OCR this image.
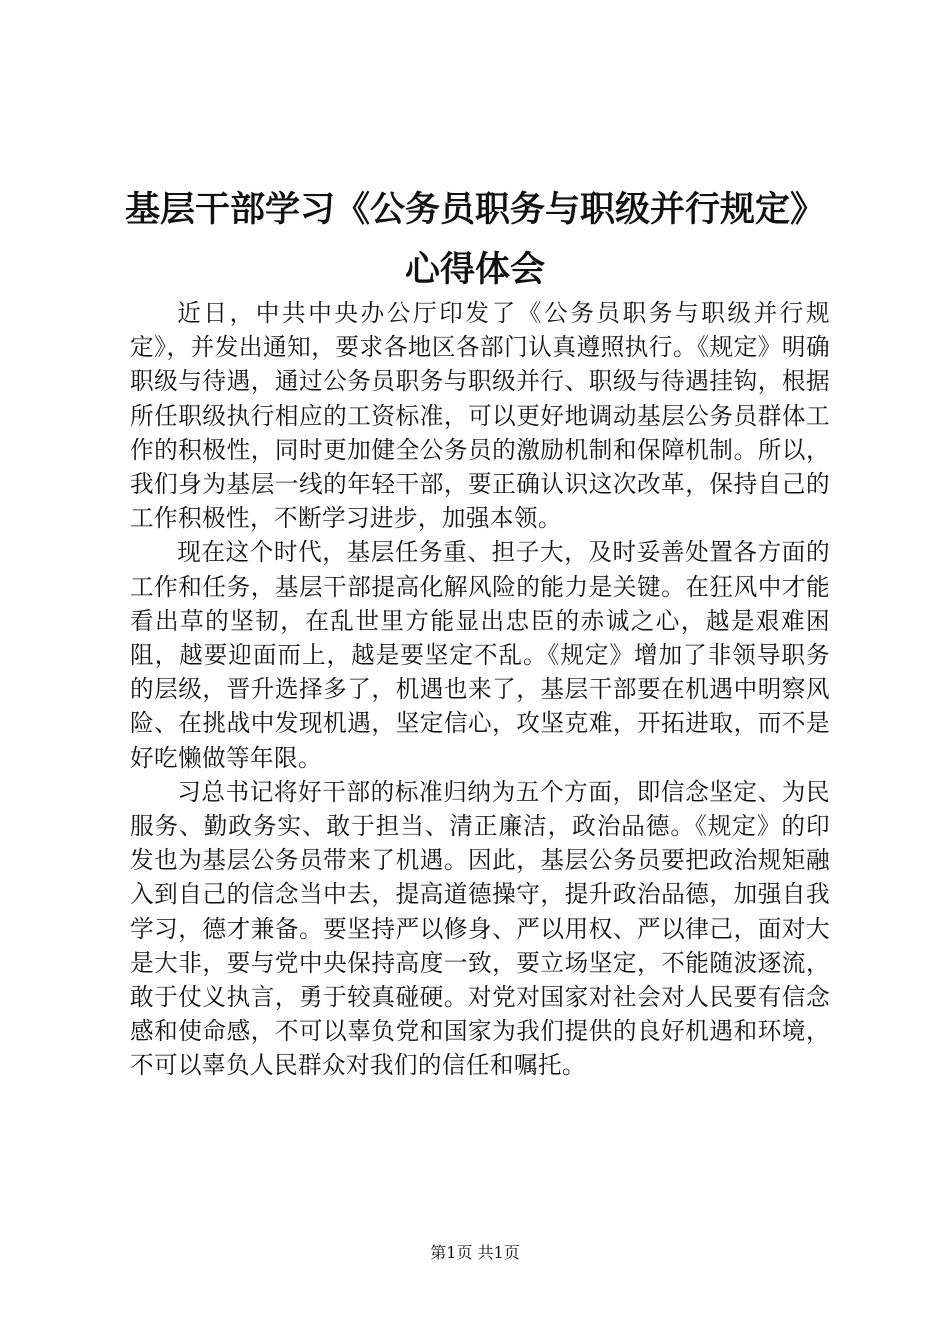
基层干部学习《公务员职务与职级并行规定》
心得体会

近日，中共中央办公厅印发了《公务员职务与职级并行规定》，并发出通知，要求各地区各部门认真遵照执行。《规定》明确职级与待遇，通过公务员职务与职级并行、职级与待遇挂钩，根据所任职级执行相应的工资标准，可以更好地调动基层公务员群体工作的积极性，同时更加健全公务员的激励机制和保障机制。所以，我们身为基层一线的年轻干部，要正确认识这次改革，保持自己的工作积极性，不断学习进步，加强本领。

现在这个时代，基层任务重、担子大，及时妥善处置各方面的工作和任务，基层干部提高化解风险的能力是关键。在狂风中才能看出草的坚韧，在乱世里方能显出忠臣的赤诚之心，越是艰难困阻，越要迎面而上，越是要坚定不乱。《规定》增加了非领导职务的层级，晋升选择多了，机遇也来了，基层干部要在机遇中明察风险、在挑战中发现机遇，坚定信心，攻坚克难，开拓进取，而不是好吃懒做等年限。

习总书记将好干部的标准归纳为五个方面，即信念坚定、为民服务、勤政务实、敢于担当、清正廉洁，政治品德。《规定》的印发也为基层公务员带来了机遇。因此，基层公务员要把政治规矩融入到自己的信念当中去，提高道德操守，提升政治品德，加强自我学习，德才兼备。要坚持严以修身、严以用权、严以律己，面对大是大非，要与党中央保持高度一致，要立场坚定，不能随波逐流，敢于仗义执言，勇于较真碰硬。对党对国家对社会对人民要有信念感和使命感，不可以辜负党和国家为我们提供的良好机遇和环境，不可以辜负人民群众对我们的信任和嘱托。

第1页 共1页
